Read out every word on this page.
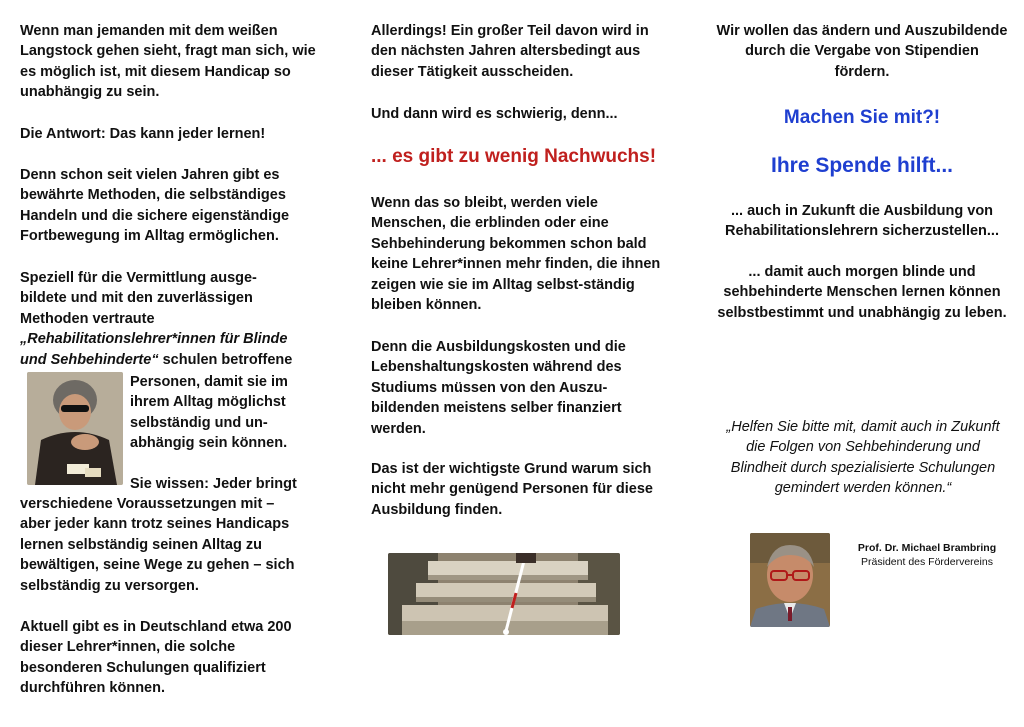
Wenn man jemanden mit dem weißen Langstock gehen sieht, fragt man sich, wie es möglich ist, mit diesem Handicap so unabhängig zu sein.

Die Antwort: Das kann jeder lernen!

Denn schon seit vielen Jahren gibt es bewährte Methoden, die selbständiges Handeln und die sichere eigenständige Fortbewegung im Alltag ermöglichen.

Speziell für die Vermittlung ausge-bildete und mit den zuverlässigen Methoden vertraute „Rehabilitationslehrer*innen für Blinde und Sehbehinderte“ schulen betroffene

Personen, damit sie im ihrem Alltag möglichst selbständig und un-abhängig sein können.

Sie wissen: Jeder bringt

verschiedene Voraussetzungen mit – aber jeder kann trotz seines Handicaps lernen selbständig seinen Alltag zu bewältigen, seine Wege zu gehen – sich selbständig zu versorgen.

Aktuell gibt es in Deutschland etwa 200 dieser Lehrer*innen, die solche besonderen Schulungen qualifiziert durchführen können.

Allerdings! Ein großer Teil davon wird in den nächsten Jahren altersbedingt aus dieser Tätigkeit ausscheiden.

Und dann wird es schwierig, denn...

... es gibt zu wenig Nachwuchs!

Wenn das so bleibt, werden viele Menschen, die erblinden oder eine Sehbehinderung bekommen schon bald keine Lehrer*innen mehr finden, die ihnen zeigen wie sie im Alltag selbst-ständig bleiben können.

Denn die Ausbildungskosten und die Lebenshaltungskosten während des Studiums müssen von den Auszu-bildenden meistens selber finanziert werden.

Das ist der wichtigste Grund warum sich nicht mehr genügend Personen für diese Ausbildung finden.

Wir wollen das ändern und Auszubildende durch die Vergabe von Stipendien fördern.

Machen Sie mit?!
Ihre Spende hilft...

... auch in Zukunft die Ausbildung von Rehabilitationslehrern sicherzustellen...

... damit auch morgen blinde und sehbehinderte Menschen lernen können selbstbestimmt und unabhängig zu leben.

„Helfen Sie bitte mit, damit auch in Zukunft die Folgen von Sehbehinderung und Blindheit durch spezialisierte Schulungen gemindert werden können.“

Prof. Dr. Michael Brambring
Präsident des Fördervereins
